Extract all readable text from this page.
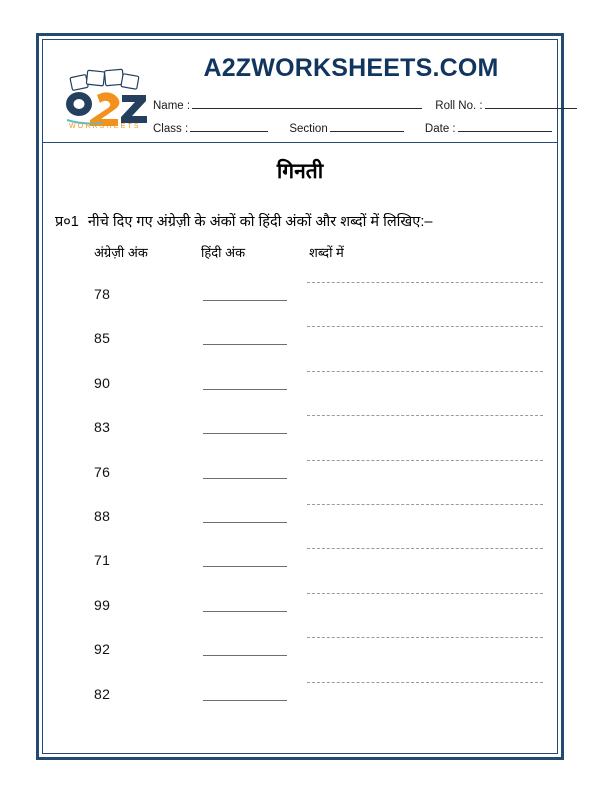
WORKSHEETS
A2ZWORKSHEETS.COM
Name :	Roll No. :
Class :	Section	Date :
गिनती
प्र०1 नीचे दिए गए अंग्रेज़ी के अंकों को हिंदी अंकों और शब्दों में लिखिए:–
अंग्रेज़ी अंक	हिंदी अंक	शब्दों में
78
85
90
83
76
88
71
99
92
82
